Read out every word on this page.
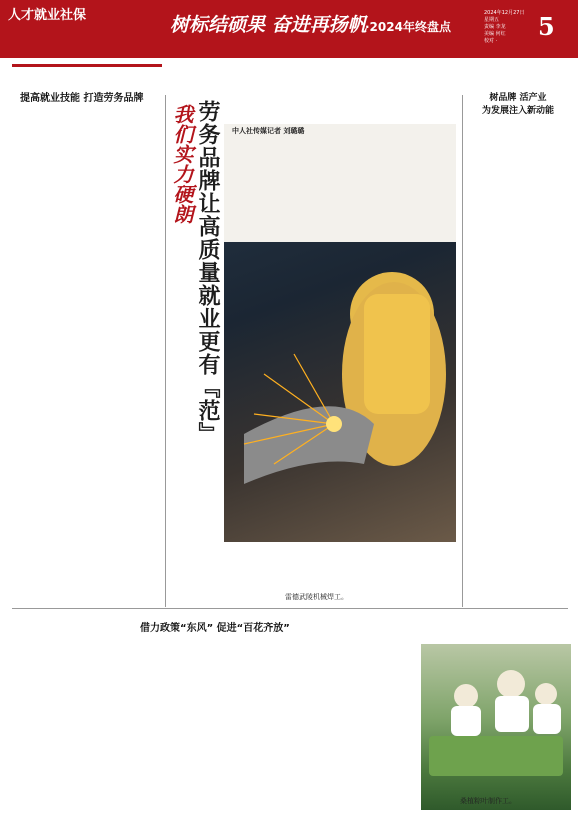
人才就业社保	树标结硕果 奋进再扬帆
·2024年终盘点
2024年12月27日
星期五
责编 李龙
美编 何红
校对 ·	5
提高就业技能 打造劳务品牌

我们实力硬朗 劳务品牌让高质量就业更有『范』	中人社传媒记者 刘璐璐

雷德武陵机械焊工。
树品牌 活产业
为发展注入新动能

借力政策“东风” 促进“百花齐放”

桑植粽叶制作工。
